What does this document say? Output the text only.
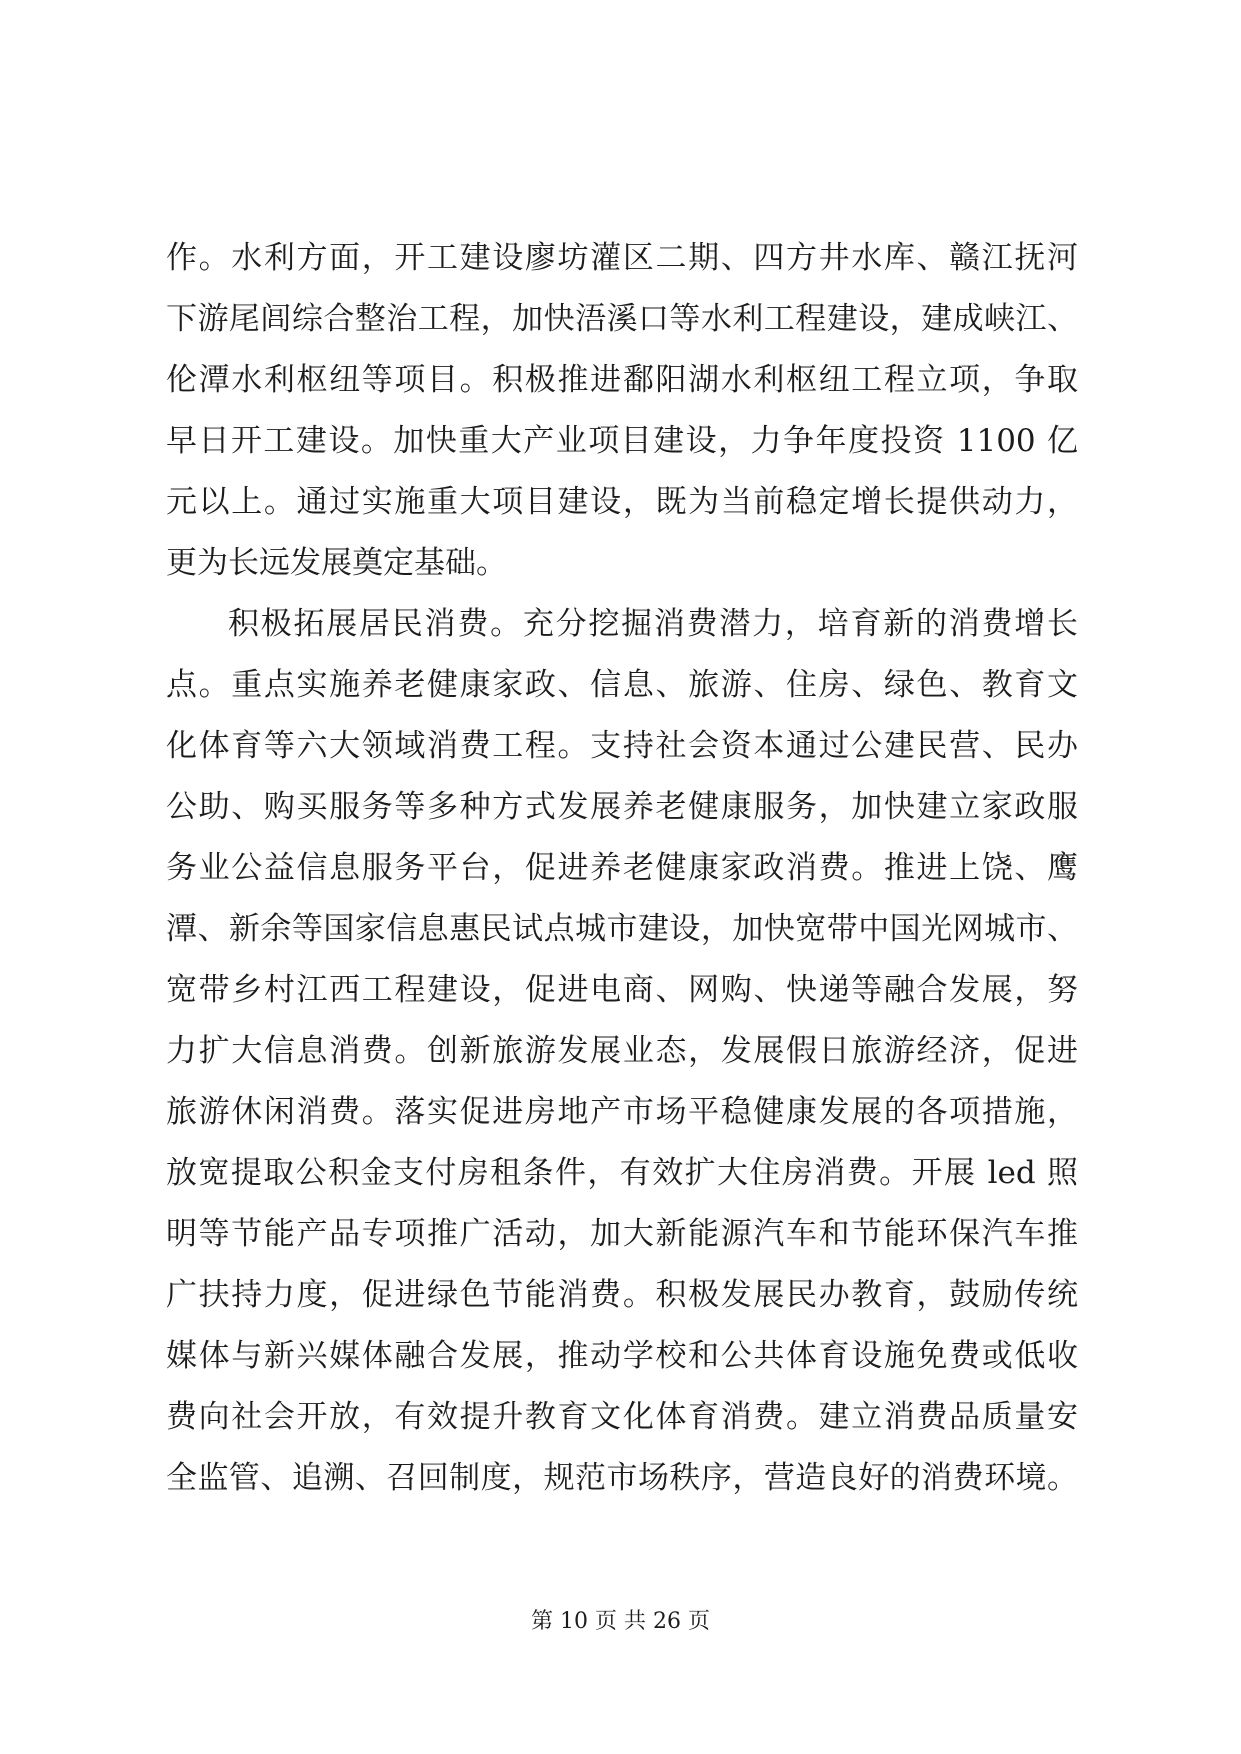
作。水利方面，开工建设廖坊灌区二期、四方井水库、赣江抚河
下游尾闾综合整治工程，加快浯溪口等水利工程建设，建成峡江、
伦潭水利枢纽等项目。积极推进鄱阳湖水利枢纽工程立项，争取
早日开工建设。加快重大产业项目建设，力争年度投资 1100 亿
元以上。通过实施重大项目建设，既为当前稳定增长提供动力，
更为长远发展奠定基础。
积极拓展居民消费。充分挖掘消费潜力，培育新的消费增长
点。重点实施养老健康家政、信息、旅游、住房、绿色、教育文
化体育等六大领域消费工程。支持社会资本通过公建民营、民办
公助、购买服务等多种方式发展养老健康服务，加快建立家政服
务业公益信息服务平台，促进养老健康家政消费。推进上饶、鹰
潭、新余等国家信息惠民试点城市建设，加快宽带中国光网城市、
宽带乡村江西工程建设，促进电商、网购、快递等融合发展，努
力扩大信息消费。创新旅游发展业态，发展假日旅游经济，促进
旅游休闲消费。落实促进房地产市场平稳健康发展的各项措施，
放宽提取公积金支付房租条件，有效扩大住房消费。开展 led 照
明等节能产品专项推广活动，加大新能源汽车和节能环保汽车推
广扶持力度，促进绿色节能消费。积极发展民办教育，鼓励传统
媒体与新兴媒体融合发展，推动学校和公共体育设施免费或低收
费向社会开放，有效提升教育文化体育消费。建立消费品质量安
全监管、追溯、召回制度，规范市场秩序，营造良好的消费环境。
第 10 页 共 26 页
